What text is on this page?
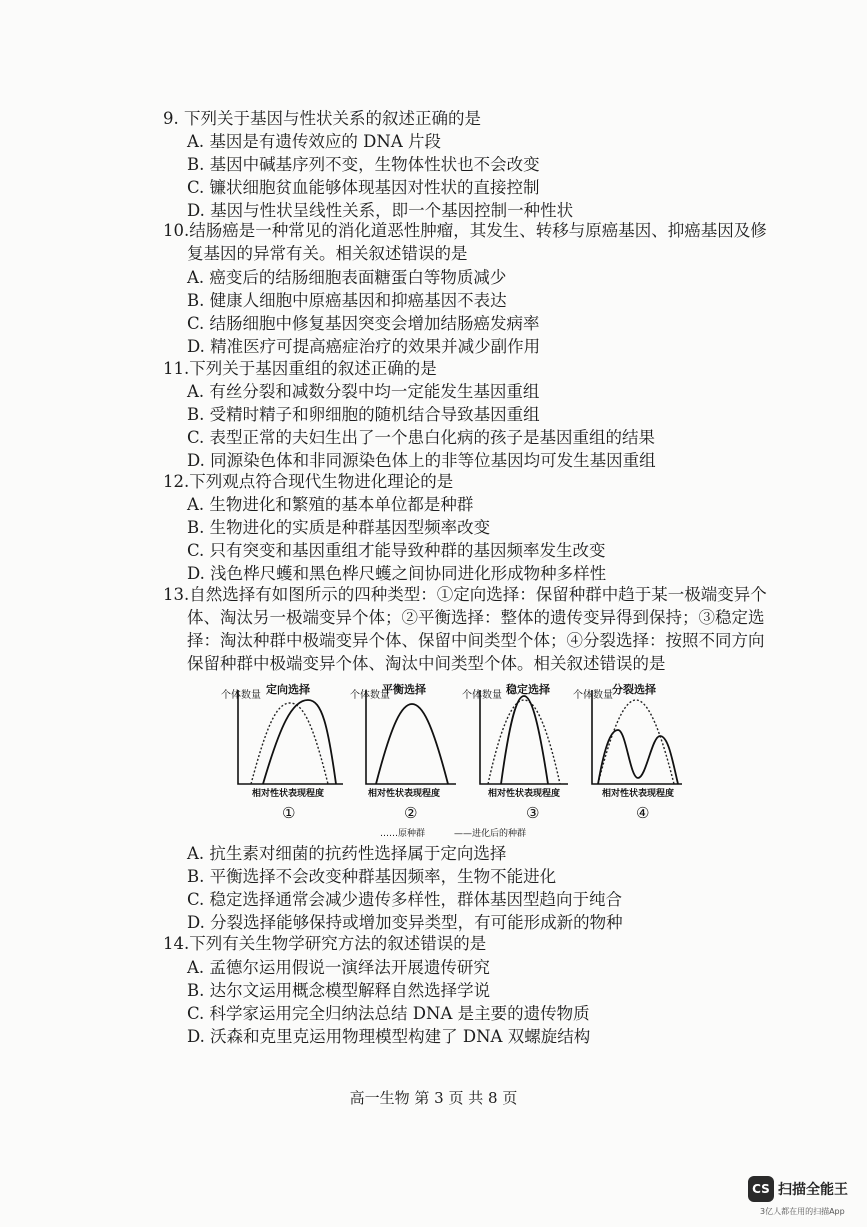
9. 下列关于基因与性状关系的叙述正确的是
A. 基因是有遗传效应的 DNA 片段
B. 基因中碱基序列不变，生物体性状也不会改变
C. 镰状细胞贫血能够体现基因对性状的直接控制
D. 基因与性状呈线性关系，即一个基因控制一种性状
10.结肠癌是一种常见的消化道恶性肿瘤，其发生、转移与原癌基因、抑癌基因及修
复基因的异常有关。相关叙述错误的是
A. 癌变后的结肠细胞表面糖蛋白等物质减少
B. 健康人细胞中原癌基因和抑癌基因不表达
C. 结肠细胞中修复基因突变会增加结肠癌发病率
D. 精准医疗可提高癌症治疗的效果并减少副作用
11.下列关于基因重组的叙述正确的是
A. 有丝分裂和减数分裂中均一定能发生基因重组
B. 受精时精子和卵细胞的随机结合导致基因重组
C. 表型正常的夫妇生出了一个患白化病的孩子是基因重组的结果
D. 同源染色体和非同源染色体上的非等位基因均可发生基因重组
12.下列观点符合现代生物进化理论的是
A. 生物进化和繁殖的基本单位都是种群
B. 生物进化的实质是种群基因型频率改变
C. 只有突变和基因重组才能导致种群的基因频率发生改变
D. 浅色桦尺蠖和黑色桦尺蠖之间协同进化形成物种多样性
13.自然选择有如图所示的四种类型：①定向选择：保留种群中趋于某一极端变异个
体、淘汰另一极端变异个体；②平衡选择：整体的遗传变异得到保持；③稳定选
择：淘汰种群中极端变异个体、保留中间类型个体；④分裂选择：按照不同方向
保留种群中极端变异个体、淘汰中间类型个体。相关叙述错误的是
个体数量	个体数量	个体数量	个体数量
定向选择	平衡选择	稳定选择	分裂选择
相对性状表现程度	相对性状表现程度	相对性状表现程度	相对性状表现程度
①	②	③	④
……原种群	——进化后的种群
A. 抗生素对细菌的抗药性选择属于定向选择
B. 平衡选择不会改变种群基因频率，生物不能进化
C. 稳定选择通常会减少遗传多样性，群体基因型趋向于纯合
D. 分裂选择能够保持或增加变异类型，有可能形成新的物种
14.下列有关生物学研究方法的叙述错误的是
A. 孟德尔运用假说一演绎法开展遗传研究
B. 达尔文运用概念模型解释自然选择学说
C. 科学家运用完全归纳法总结 DNA 是主要的遗传物质
D. 沃森和克里克运用物理模型构建了 DNA 双螺旋结构
高一生物 第 3 页 共 8 页
CS 扫描全能王
3亿人都在用的扫描App
